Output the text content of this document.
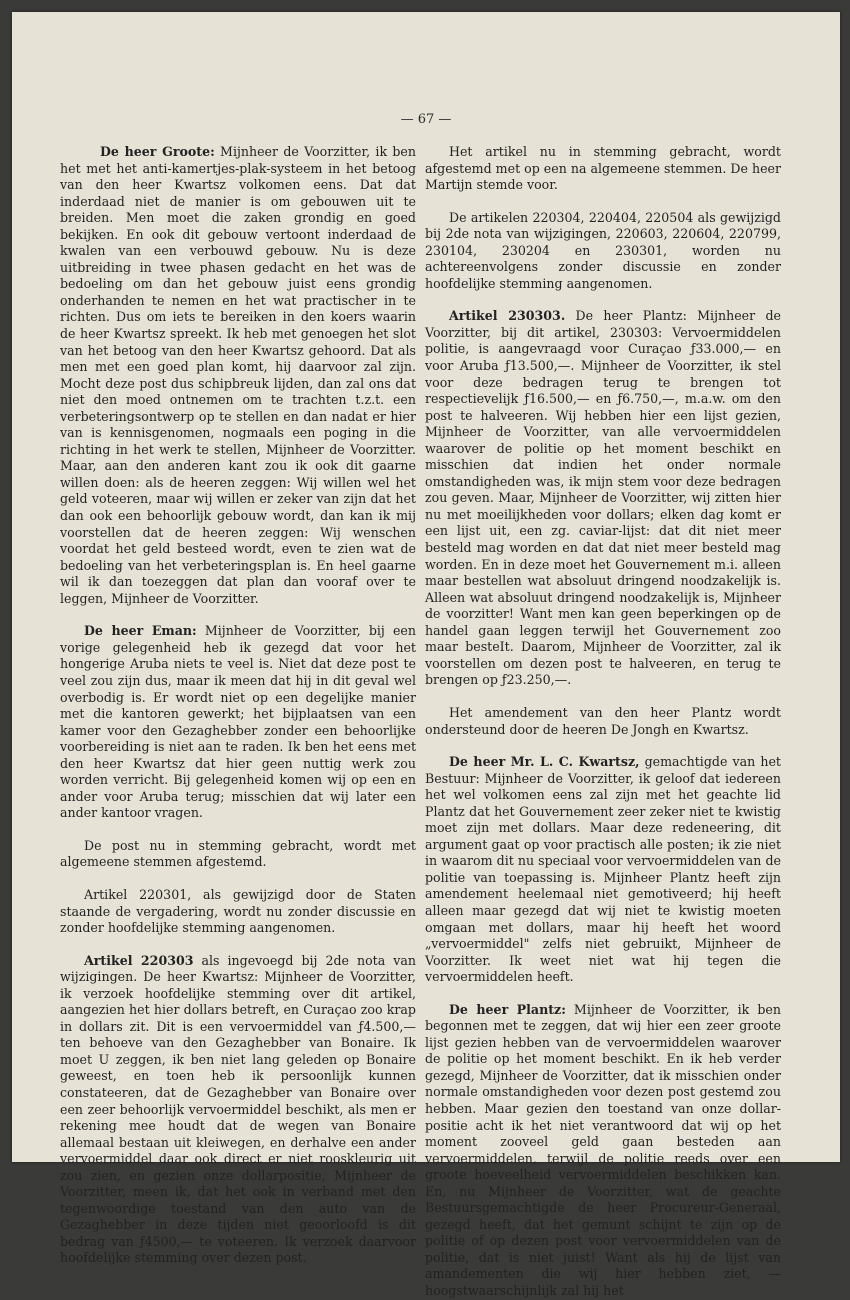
— 67 —

De heer Groote: Mijnheer de Voorzitter, ik ben het met het anti-kamertjes-plak-systeem in het betoog van den heer Kwartsz volkomen eens. Dat dat inderdaad niet de manier is om gebouwen uit te breiden. Men moet die zaken grondig en goed bekijken. En ook dit gebouw vertoont inderdaad de kwalen van een verbouwd gebouw. Nu is deze uitbreiding in twee phasen gedacht en het was de bedoeling om dan het gebouw juist eens grondig onderhanden te nemen en het wat practischer in te richten. Dus om iets te bereiken in den koers waarin de heer Kwartsz spreekt. Ik heb met genoegen het slot van het betoog van den heer Kwartsz gehoord. Dat als men met een goed plan komt, hij daarvoor zal zijn. Mocht deze post dus schipbreuk lijden, dan zal ons dat niet den moed ontnemen om te trachten t.z.t. een verbeteringsontwerp op te stellen en dan nadat er hier van is kennisgenomen, nogmaals een poging in die richting in het werk te stellen, Mijnheer de Voorzitter. Maar, aan den anderen kant zou ik ook dit gaarne willen doen: als de heeren zeggen: Wij willen wel het geld voteeren, maar wij willen er zeker van zijn dat het dan ook een behoorlijk gebouw wordt, dan kan ik mij voorstellen dat de heeren zeggen: Wij wenschen voordat het geld besteed wordt, even te zien wat de bedoeling van het verbeteringsplan is. En heel gaarne wil ik dan toezeggen dat plan dan vooraf over te leggen, Mijnheer de Voorzitter.

De heer Eman: Mijnheer de Voorzitter, bij een vorige gelegenheid heb ik gezegd dat voor het hongerige Aruba niets te veel is. Niet dat deze post te veel zou zijn dus, maar ik meen dat hij in dit geval wel overbodig is. Er wordt niet op een degelijke manier met die kantoren gewerkt; het bijplaatsen van een kamer voor den Gezaghebber zonder een behoorlijke voorbereiding is niet aan te raden. Ik ben het eens met den heer Kwartsz dat hier geen nuttig werk zou worden verricht. Bij gelegenheid komen wij op een en ander voor Aruba terug; misschien dat wij later een ander kantoor vragen.

De post nu in stemming gebracht, wordt met algemeene stemmen afgestemd.

Artikel 220301, als gewijzigd door de Staten staande de vergadering, wordt nu zonder discussie en zonder hoofdelijke stemming aangenomen.

Artikel 220303 als ingevoegd bij 2de nota van wijzigingen. De heer Kwartsz: Mijnheer de Voorzitter, ik verzoek hoofdelijke stemming over dit artikel, aangezien het hier dollars betreft, en Curaçao zoo krap in dollars zit. Dit is een vervoermiddel van ƒ4.500,— ten behoeve van den Gezaghebber van Bonaire. Ik moet U zeggen, ik ben niet lang geleden op Bonaire geweest, en toen heb ik persoonlijk kunnen constateeren, dat de Gezaghebber van Bonaire over een zeer behoorlijk vervoermiddel beschikt, als men er rekening mee houdt dat de wegen van Bonaire allemaal bestaan uit kleiwegen, en derhalve een ander vervoermiddel daar ook direct er niet roosklеurig uit zou zien, en gezien onze dollarpositie, Mijnheer de Voorzitter, meen ik, dat het ook in verband met den tegenwoordige toestand van den auto van de Gezaghebber in deze tijden niet geoorloofd is dit bedrag van ƒ4500,— te voteeren. Ik verzoek daarvoor hoofdelijke stemming over dezen post.

Het artikel nu in stemming gebracht, wordt afgestemd met op een na algemeene stemmen. De heer Martijn stemde voor.

De artikelen 220304, 220404, 220504 als gewijzigd bij 2de nota van wijzigingen, 220603, 220604, 220799, 230104, 230204 en 230301, worden nu achtereenvolgens zonder discussie en zonder hoofdelijke stemming aangenomen.

Artikel 230303. De heer Plantz: Mijnheer de Voorzitter, bij dit artikel, 230303: Vervoermiddelen politie, is aangevraagd voor Curaçao ƒ33.000,— en voor Aruba ƒ13.500,—. Mijnheer de Voorzitter, ik stel voor deze bedragen terug te brengen tot respectievelijk ƒ16.500,— en ƒ6.750,—, m.a.w. om den post te halveeren. Wij hebben hier een lijst gezien, Mijnheer de Voorzitter, van alle vervoermiddelen waarover de politie op het moment beschikt en misschien dat indien het onder normale omstandigheden was, ik mijn stem voor deze bedragen zou geven. Maar, Mijnheer de Voorzitter, wij zitten hier nu met moeilijkheden voor dollars; elken dag komt er een lijst uit, een zg. caviar-lijst: dat dit niet meer besteld mag worden en dat dat niet meer besteld mag worden. En in deze moet het Gouvernement m.i. alleen maar bestellen wat absoluut dringend noodzakelijk is. Alleen wat absoluut dringend noodzakelijk is, Mijnheer de voorzitter! Want men kan geen beperkingen op de handel gaan leggen terwijl het Gouvernement zoo maar besteIt. Daarom, Mijnheer de Voorzitter, zal ik voorstellen om dezen post te halveeren, en terug te brengen op ƒ23.250,—.

Het amendement van den heer Plantz wordt ondersteund door de heeren De Jongh en Kwartsz.

De heer Mr. L. C. Kwartsz, gemachtigde van het Bestuur: Mijnheer de Voorzitter, ik geloof dat iedereen het wel volkomen eens zal zijn met het geachte lid Plantz dat het Gouvernement zeer zeker niet te kwistig moet zijn met dollars. Maar deze redeneering, dit argument gaat op voor practisch alle posten; ik zie niet in waarom dit nu speciaal voor vervoermiddelen van de politie van toepassing is. Mijnheer Plantz heeft zijn amendement heelemaal niet gemotiveerd; hij heeft alleen maar gezegd dat wij niet te kwistig moeten omgaan met dollars, maar hij heeft het woord „vervoermiddel" zelfs niet gebruikt, Mijnheer de Voorzitter. Ik weet niet wat hij tegen die vervoermiddelen heeft.

De heer Plantz: Mijnheer de Voorzitter, ik ben begonnen met te zeggen, dat wij hier een zeer groote lijst gezien hebben van de vervoermiddelen waarover de politie op het moment beschikt. En ik heb verder gezegd, Mijnheer de Voorzitter, dat ik misschien onder normale omstandigheden voor dezen post gestemd zou hebben. Maar gezien den toestand van onze dollar-positie acht ik het niet verantwoord dat wij op het moment zooveel geld gaan besteden aan vervoermiddelen, terwijl de politie reeds over een groote hoeveelheid vervoermiddelen beschikken kan. En, nu Mijnheer de Voorzitter, wat de geachte Bestuursgemachtigde de heer Procureur-Generaal, gezegd heeft, dat het gemunt schijnt te zijn op de politie of op dezen post voor vervoermiddelen van de politie, dat is niet juist! Want als hij de lijst van amandementen die wij hier hebben ziet, —hoogstwaarschijnlijk zal hij het
